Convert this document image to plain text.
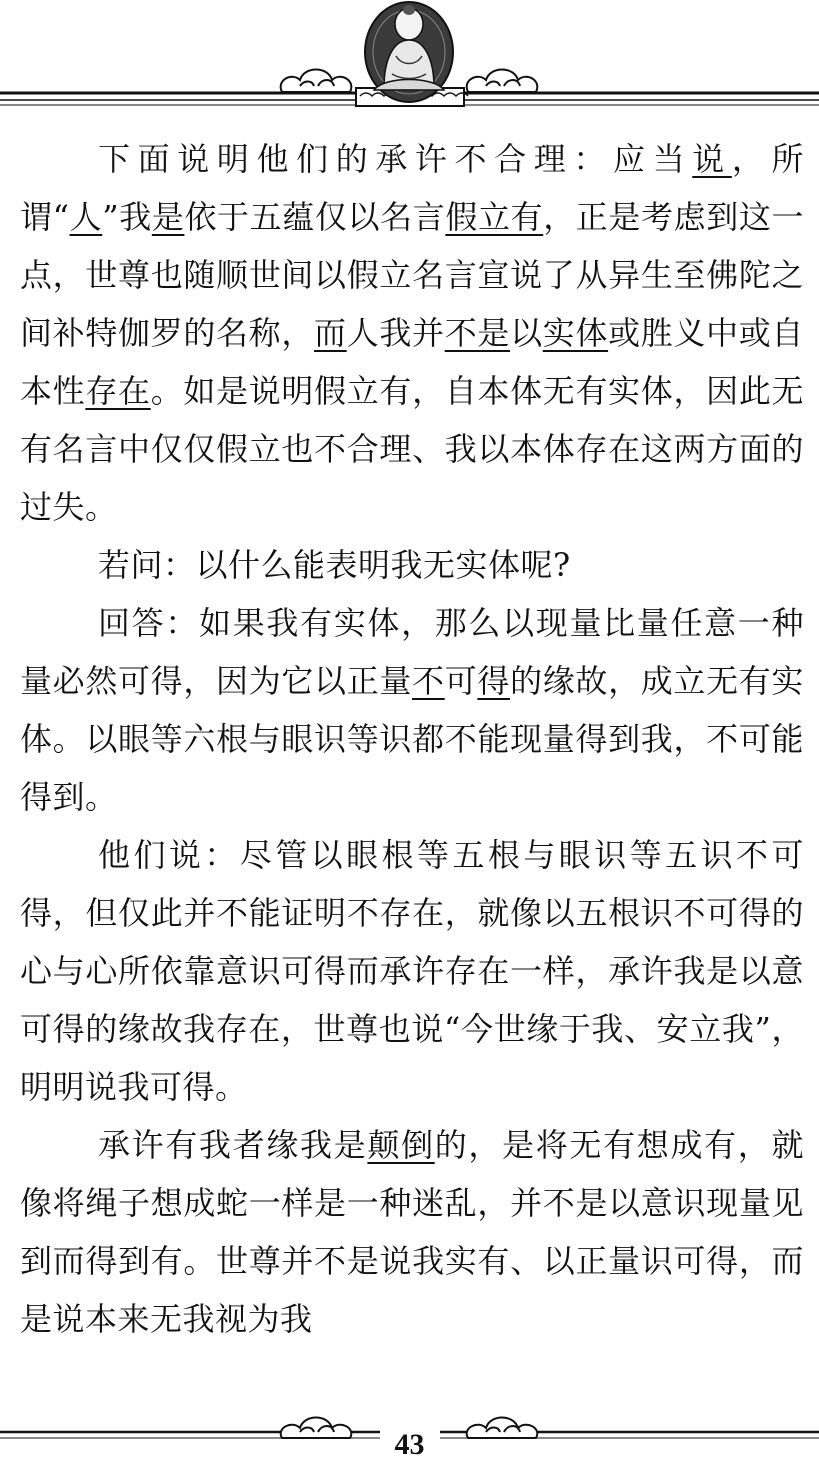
下面说明他们的承许不合理：应当说，所谓“人”我是依于五蕴仅以名言假立有，正是考虑到这一点，世尊也随顺世间以假立名言宣说了从异生至佛陀之间补特伽罗的名称，而人我并不是以实体或胜义中或自本性存在。如是说明假立有，自本体无有实体，因此无有名言中仅仅假立也不合理、我以本体存在这两方面的过失。

若问：以什么能表明我无实体呢?

回答：如果我有实体，那么以现量比量任意一种量必然可得，因为它以正量不可得的缘故，成立无有实体。以眼等六根与眼识等识都不能现量得到我，不可能得到。

他们说：尽管以眼根等五根与眼识等五识不可得，但仅此并不能证明不存在，就像以五根识不可得的心与心所依靠意识可得而承许存在一样，承许我是以意可得的缘故我存在，世尊也说“今世缘于我、安立我”，明明说我可得。

承许有我者缘我是颠倒的，是将无有想成有，就像将绳子想成蛇一样是一种迷乱，并不是以意识现量见到而得到有。世尊并不是说我实有、以正量识可得，而是说本来无我视为我

43
